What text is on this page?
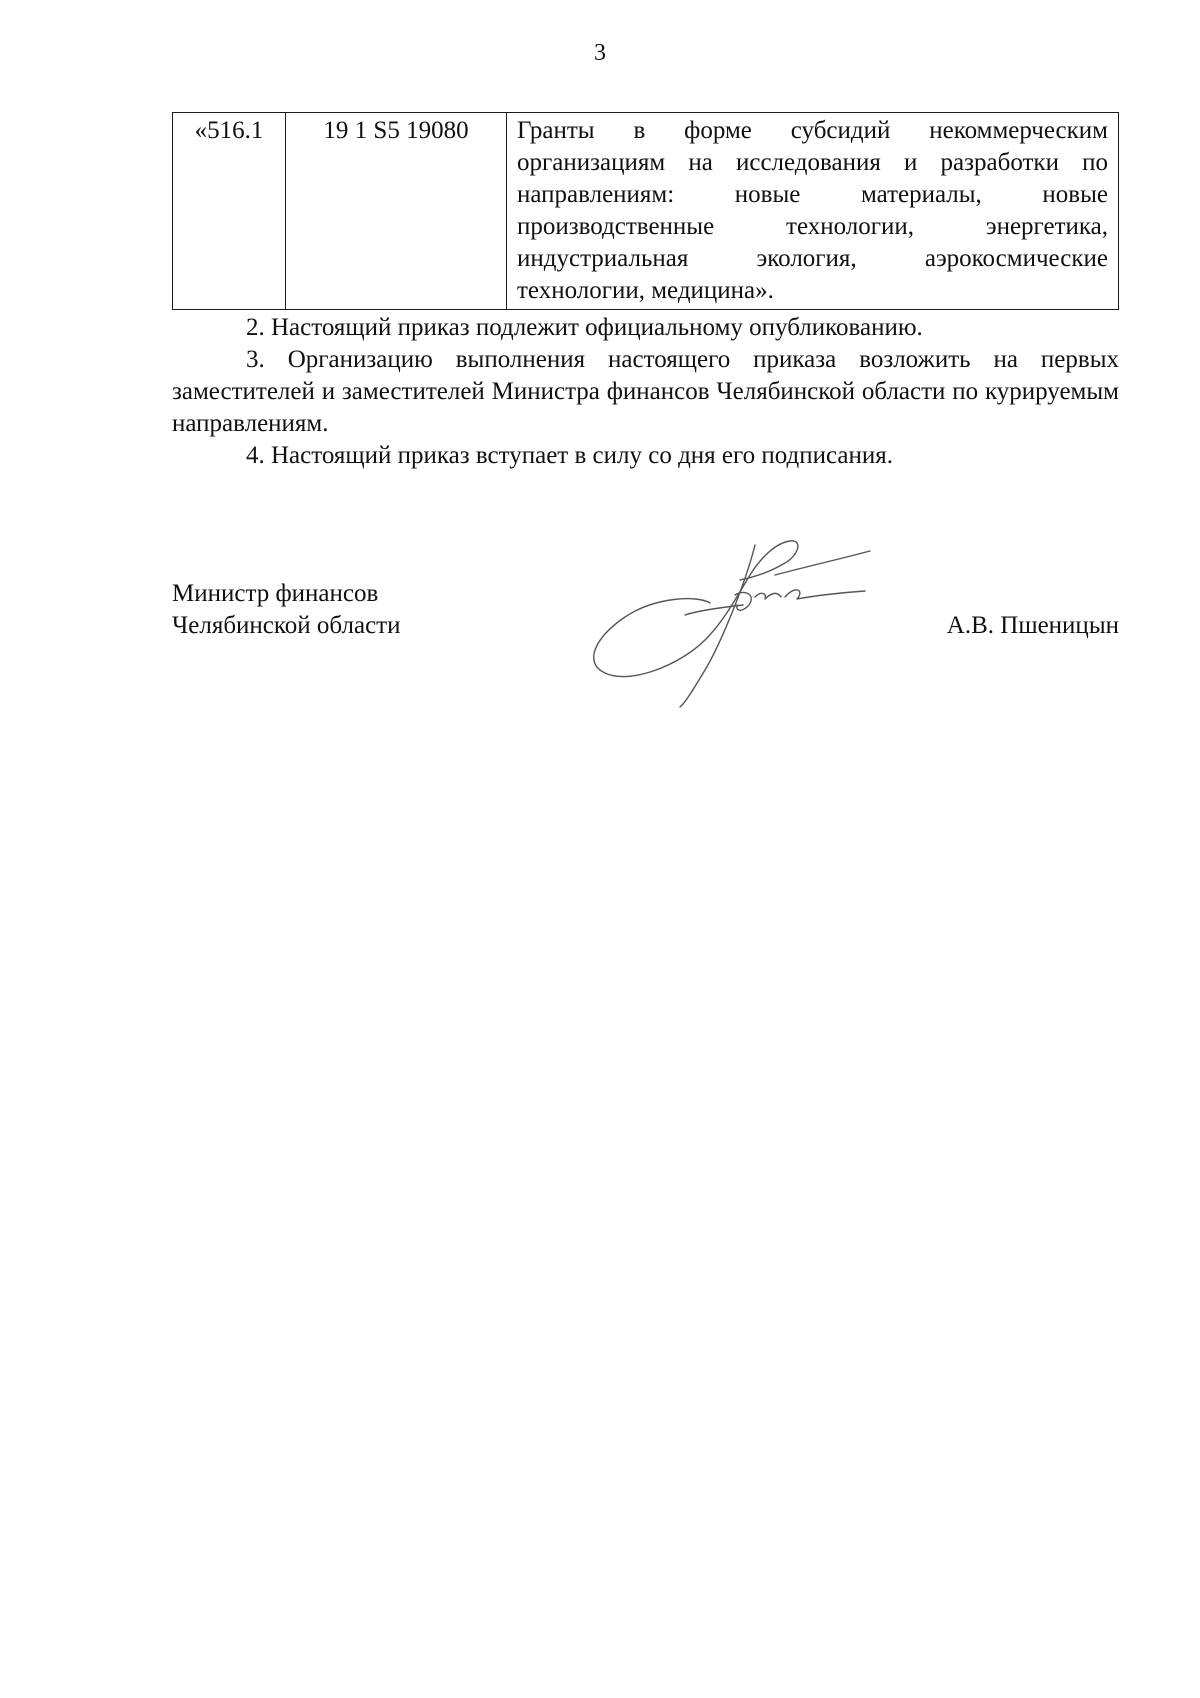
3
«516.1	19 1 S5 19080	Гранты в форме субсидий некоммерческим организациям на исследования и разработки по направлениям: новые материалы, новые производственные технологии, энергетика, индустриальная экология, аэрокосмические технологии, медицина».

2. Настоящий приказ подлежит официальному опубликованию.

3. Организацию выполнения настоящего приказа возложить на первых заместителей и заместителей Министра финансов Челябинской области по курируемым направлениям.

4. Настоящий приказ вступает в силу со дня его подписания.

Министр финансов
Челябинской области	А.В. Пшеницын
